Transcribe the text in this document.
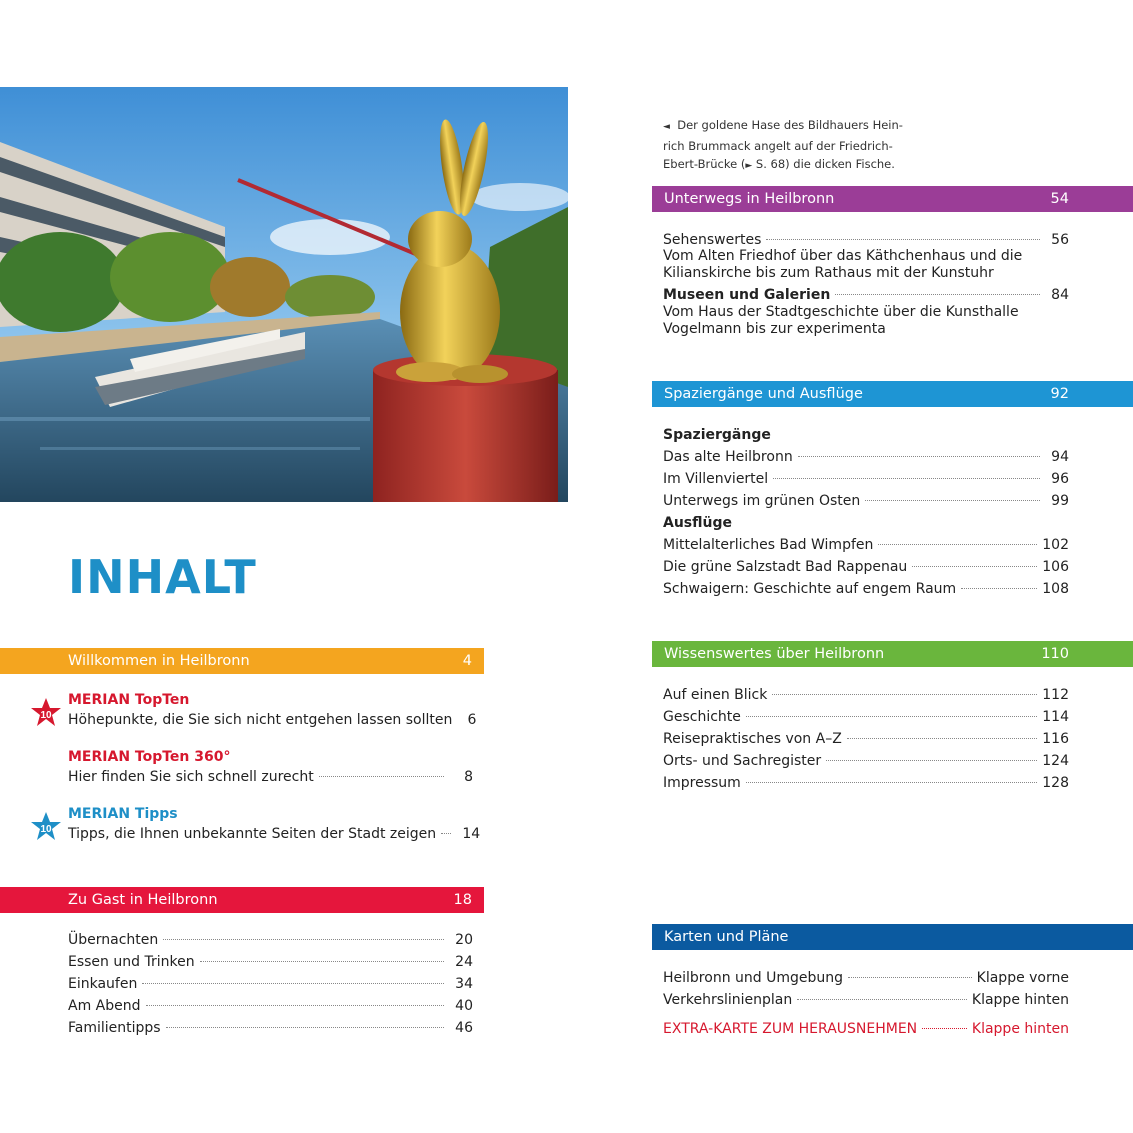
◄ Der goldene Hase des Bildhauers Hein-
rich Brummack angelt auf der Friedrich-
Ebert-Brücke (► S. 68) die dicken Fische.
INHALT
Willkommen in Heilbronn	4
10
MERIAN TopTen
Höhepunkte, die Sie sich nicht entgehen lassen sollten	6
MERIAN TopTen 360°
Hier finden Sie sich schnell zurecht	8
10
MERIAN Tipps
Tipps, die Ihnen unbekannte Seiten der Stadt zeigen	14
Zu Gast in Heilbronn	18
Übernachten	20
Essen und Trinken	24
Einkaufen	34
Am Abend	40
Familientipps	46
Unterwegs in Heilbronn	54
Sehenswertes	56
Vom Alten Friedhof über das Käthchenhaus und die
Kilianskirche bis zum Rathaus mit der Kunstuhr
Museen und Galerien	84
Vom Haus der Stadtgeschichte über die Kunsthalle
Vogelmann bis zur experimenta
Spaziergänge und Ausflüge	92
Spaziergänge
Das alte Heilbronn	94
Im Villenviertel	96
Unterwegs im grünen Osten	99
Ausflüge
Mittelalterliches Bad Wimpfen	102
Die grüne Salzstadt Bad Rappenau	106
Schwaigern: Geschichte auf engem Raum	108
Wissenswertes über Heilbronn	110
Auf einen Blick	112
Geschichte	114
Reisepraktisches von A–Z	116
Orts- und Sachregister	124
Impressum	128
Karten und Pläne
Heilbronn und Umgebung	Klappe vorne
Verkehrslinienplan	Klappe hinten
EXTRA-KARTE ZUM HERAUSNEHMEN	Klappe hinten
